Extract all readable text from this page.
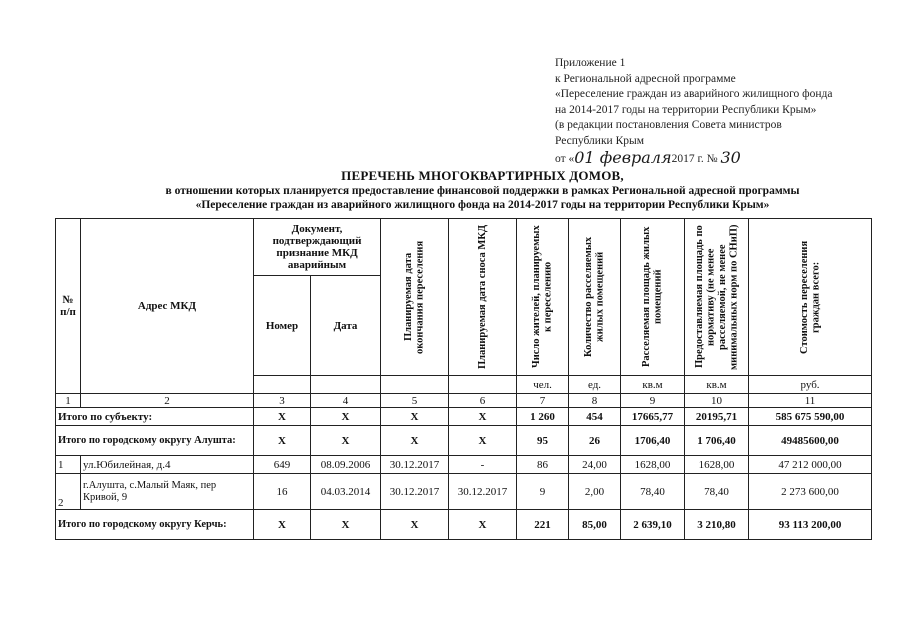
Приложение 1
к Региональной адресной программе
«Переселение граждан из аварийного жилищного фонда
на 2014-2017 годы на территории Республики Крым»
(в редакции постановления Совета министров
Республики Крым
от «01 февраля2017 г. № 30
ПЕРЕЧЕНЬ МНОГОКВАРТИРНЫХ ДОМОВ,
в отношении которых планируется предоставление финансовой поддержки в рамках Региональной адресной программы
«Переселение граждан из аварийного жилищного фонда на 2014-2017 годы на территории Республики Крым»
№ п/п	Адрес МКД	Документ, подтверждающий признание МКД аварийным		Планируемая дата окончания переселения	Планируемая дата сноса МКД	Число жителей, планируемых к переселению	Количество расселяемых жилых помещений	Расселяемая площадь жилых помещений	Предоставляемая площадь по нормативу (не менее расселяемой, не менее минимальных норм по СНиП)	Стоимость переселения граждан всего:

		Номер	Дата							
						чел.	ед.	кв.м	кв.м	руб.
1	2	3	4	5	6	7	8	9	10	11
Итого по субъекту:		X	X	X	X	1 260	454	17665,77	20195,71	585 675 590,00
Итого по городскому округу Алушта:		X	X	X	X	95	26	1706,40	1 706,40	49485600,00
1	ул.Юбилейная, д.4	649	08.09.2006	30.12.2017	-	86	24,00	1628,00	1628,00	47 212 000,00
2	г.Алушта, с.Малый Маяк, пер Кривой, 9	16	04.03.2014	30.12.2017	30.12.2017	9	2,00	78,40	78,40	2 273 600,00
Итого по городскому округу Керчь:		X	X	X	X	221	85,00	2 639,10	3 210,80	93 113 200,00
